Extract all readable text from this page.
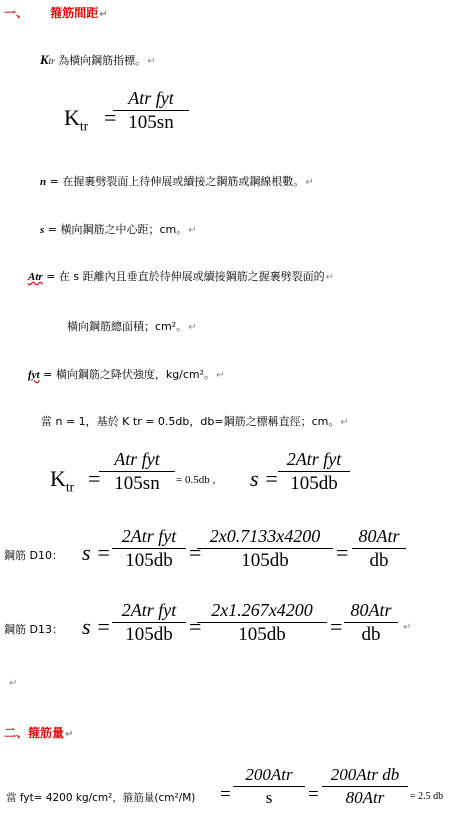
一、 箍筋間距↵
Ktr 為橫向鋼筋指標。↵
$K_{tr}$ =
Atr fyt
105sn
n = 在握裹劈裂面上待伸展或續接之鋼筋或鋼線根數。↵
s = 橫向鋼筋之中心距；cm。↵
Atr = 在 s 距離內且垂直於待伸展或續接鋼筋之握裹劈裂面的↵
橫向鋼筋總面積；cm²。↵
fyt = 橫向鋼筋之降伏強度，kg/cm²。↵
當 n = 1，基於 K tr = 0.5db，db=鋼筋之標稱直徑；cm。↵
$K_{tr}$ =
Atr fyt
105sn	= 0.5db , s =
2Atr fyt
105db
鋼筋 D10： s =
2Atr fyt
105db =
2x0.7133x4200
105db	=
80Atr
db
鋼筋 D13： s =
2Atr fyt
105db =
2x1.267x4200
105db	=
80Atr
db	↵
↵
二、箍筋量↵
當 fyt= 4200 kg/cm²，箍筋量(cm²/M) =
200Atr
s	=
200Atr db
80Atr	= 2.5 db
